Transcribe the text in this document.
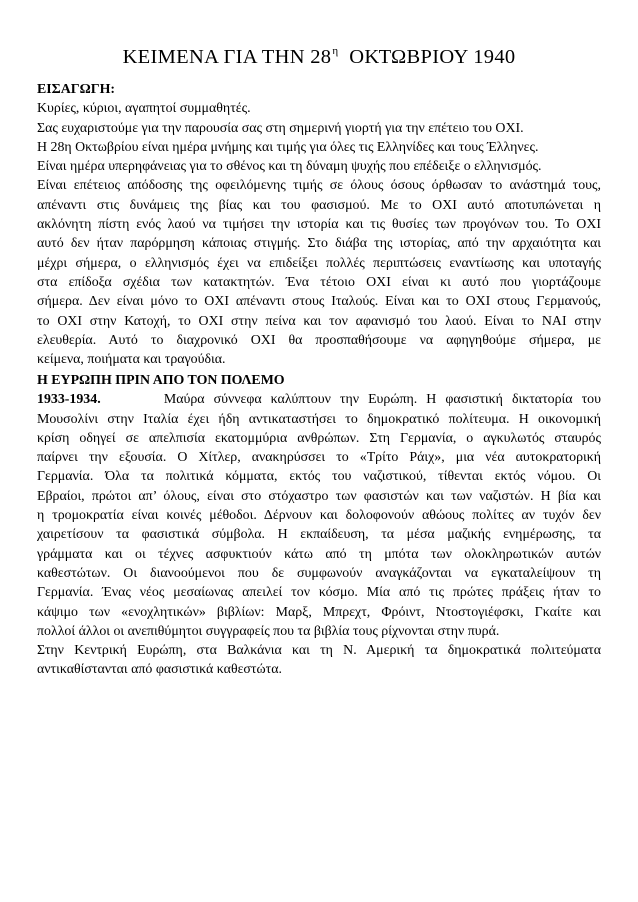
ΚΕΙΜΕΝΑ ΓΙΑ ΤΗΝ $28^\eta$ ΟΚΤΩΒΡΙΟΥ 1940
ΕΙΣΑΓΩΓΗ:
Κυρίες, κύριοι, αγαπητοί συμμαθητές.
Σας ευχαριστούμε για την παρουσία σας στη σημερινή γιορτή για την επέτειο του ΟΧΙ.
Η 28η Οκτωβρίου είναι ημέρα μνήμης και τιμής για όλες τις Ελληνίδες και τους Έλληνες.
Είναι ημέρα υπερηφάνειας για το σθένος και τη δύναμη ψυχής που επέδειξε ο ελληνισμός.
Είναι επέτειος απόδοσης της οφειλόμενης τιμής σε όλους όσους όρθωσαν το ανάστημά τους,
απέναντι στις δυνάμεις της βίας και του φασισμού. Με το ΟΧΙ αυτό αποτυπώνεται η
ακλόνητη πίστη ενός λαού να τιμήσει την ιστορία και τις θυσίες των προγόνων του. Το ΟΧΙ
αυτό δεν ήταν παρόρμηση κάποιας στιγμής. Στο διάβα της ιστορίας, από την αρχαιότητα και
μέχρι σήμερα, ο ελληνισμός έχει να επιδείξει πολλές περιπτώσεις εναντίωσης και υποταγής
στα επίδοξα σχέδια των κατακτητών. Ένα τέτοιο ΟΧΙ είναι κι αυτό που γιορτάζουμε
σήμερα. Δεν είναι μόνο το ΟΧΙ απέναντι στους Ιταλούς. Είναι και το ΟΧΙ στους Γερμανούς,
το ΟΧΙ στην Κατοχή, το ΟΧΙ στην πείνα και τον αφανισμό του λαού. Είναι το ΝΑΙ στην
ελευθερία. Αυτό το διαχρονικό ΟΧΙ θα προσπαθήσουμε να αφηγηθούμε σήμερα, με
κείμενα, ποιήματα και τραγούδια.
Η ΕΥΡΩΠΗ ΠΡΙΝ ΑΠΟ ΤΟΝ ΠΟΛΕΜΟ
1933-1934.	Μαύρα σύννεφα καλύπτουν την Ευρώπη. Η φασιστική δικτατορία του
Μουσολίνι στην Ιταλία έχει ήδη αντικαταστήσει το δημοκρατικό πολίτευμα. Η οικονομική
κρίση οδηγεί σε απελπισία εκατομμύρια ανθρώπων. Στη Γερμανία, ο αγκυλωτός σταυρός
παίρνει την εξουσία. Ο Χίτλερ, ανακηρύσσει το «Τρίτο Ράιχ», μια νέα αυτοκρατορική
Γερμανία. Όλα τα πολιτικά κόμματα, εκτός του ναζιστικού, τίθενται εκτός νόμου. Οι
Εβραίοι, πρώτοι απ’ όλους, είναι στο στόχαστρο των φασιστών και των ναζιστών. Η βία και
η τρομοκρατία είναι κοινές μέθοδοι. Δέρνουν και δολοφονούν αθώους πολίτες αν τυχόν δεν
χαιρετίσουν τα φασιστικά σύμβολα. Η εκπαίδευση, τα μέσα μαζικής ενημέρωσης, τα
γράμματα και οι τέχνες ασφυκτιούν κάτω από τη μπότα των ολοκληρωτικών αυτών
καθεστώτων. Οι διανοούμενοι που δε συμφωνούν αναγκάζονται να εγκαταλείψουν τη
Γερμανία. Ένας νέος μεσαίωνας απειλεί τον κόσμο. Μία από τις πρώτες πράξεις ήταν το
κάψιμο των «ενοχλητικών» βιβλίων: Μαρξ, Μπρεχτ, Φρόιντ, Ντοστογιέφσκι, Γκαίτε και
πολλοί άλλοι οι ανεπιθύμητοι συγγραφείς που τα βιβλία τους ρίχνονται στην πυρά.
Στην Κεντρική Ευρώπη, στα Βαλκάνια και τη Ν. Αμερική τα δημοκρατικά πολιτεύματα
αντικαθίστανται από φασιστικά καθεστώτα.
